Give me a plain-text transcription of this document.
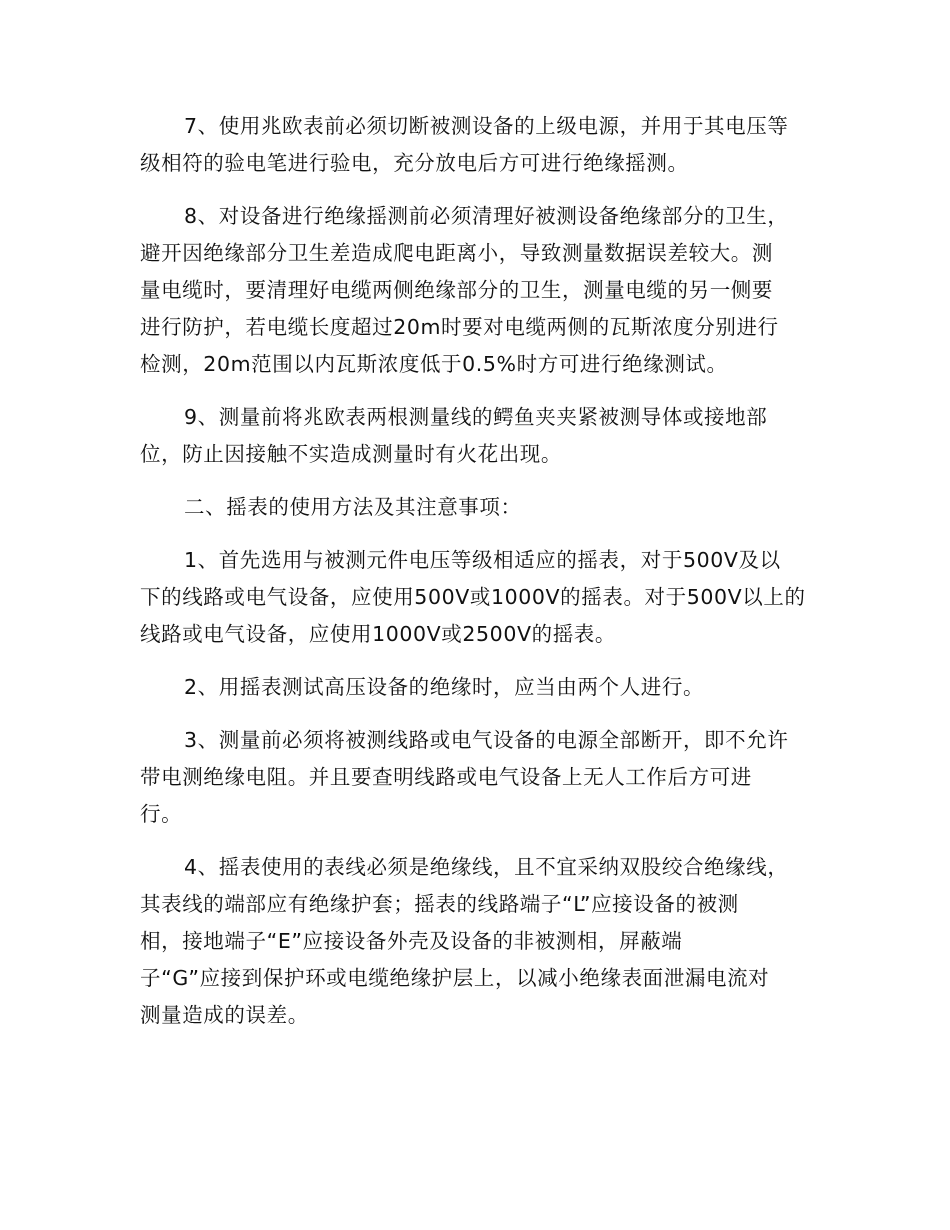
7、使用兆欧表前必须切断被测设备的上级电源，并用于其电压等
级相符的验电笔进行验电，充分放电后方可进行绝缘摇测。

8、对设备进行绝缘摇测前必须清理好被测设备绝缘部分的卫生，
避开因绝缘部分卫生差造成爬电距离小，导致测量数据误差较大。测
量电缆时，要清理好电缆两侧绝缘部分的卫生，测量电缆的另一侧要
进行防护，若电缆长度超过20m时要对电缆两侧的瓦斯浓度分别进行
检测，20m范围以内瓦斯浓度低于0.5%时方可进行绝缘测试。

9、测量前将兆欧表两根测量线的鳄鱼夹夹紧被测导体或接地部
位，防止因接触不实造成测量时有火花出现。

二、摇表的使用方法及其注意事项：

1、首先选用与被测元件电压等级相适应的摇表，对于500V及以
下的线路或电气设备，应使用500V或1000V的摇表。对于500V以上的
线路或电气设备，应使用1000V或2500V的摇表。

2、用摇表测试高压设备的绝缘时，应当由两个人进行。

3、测量前必须将被测线路或电气设备的电源全部断开，即不允许
带电测绝缘电阻。并且要查明线路或电气设备上无人工作后方可进
行。

4、摇表使用的表线必须是绝缘线，且不宜采纳双股绞合绝缘线，
其表线的端部应有绝缘护套；摇表的线路端子“L”应接设备的被测
相，接地端子“E”应接设备外壳及设备的非被测相，屏蔽端
子“G”应接到保护环或电缆绝缘护层上，以减小绝缘表面泄漏电流对
测量造成的误差。
